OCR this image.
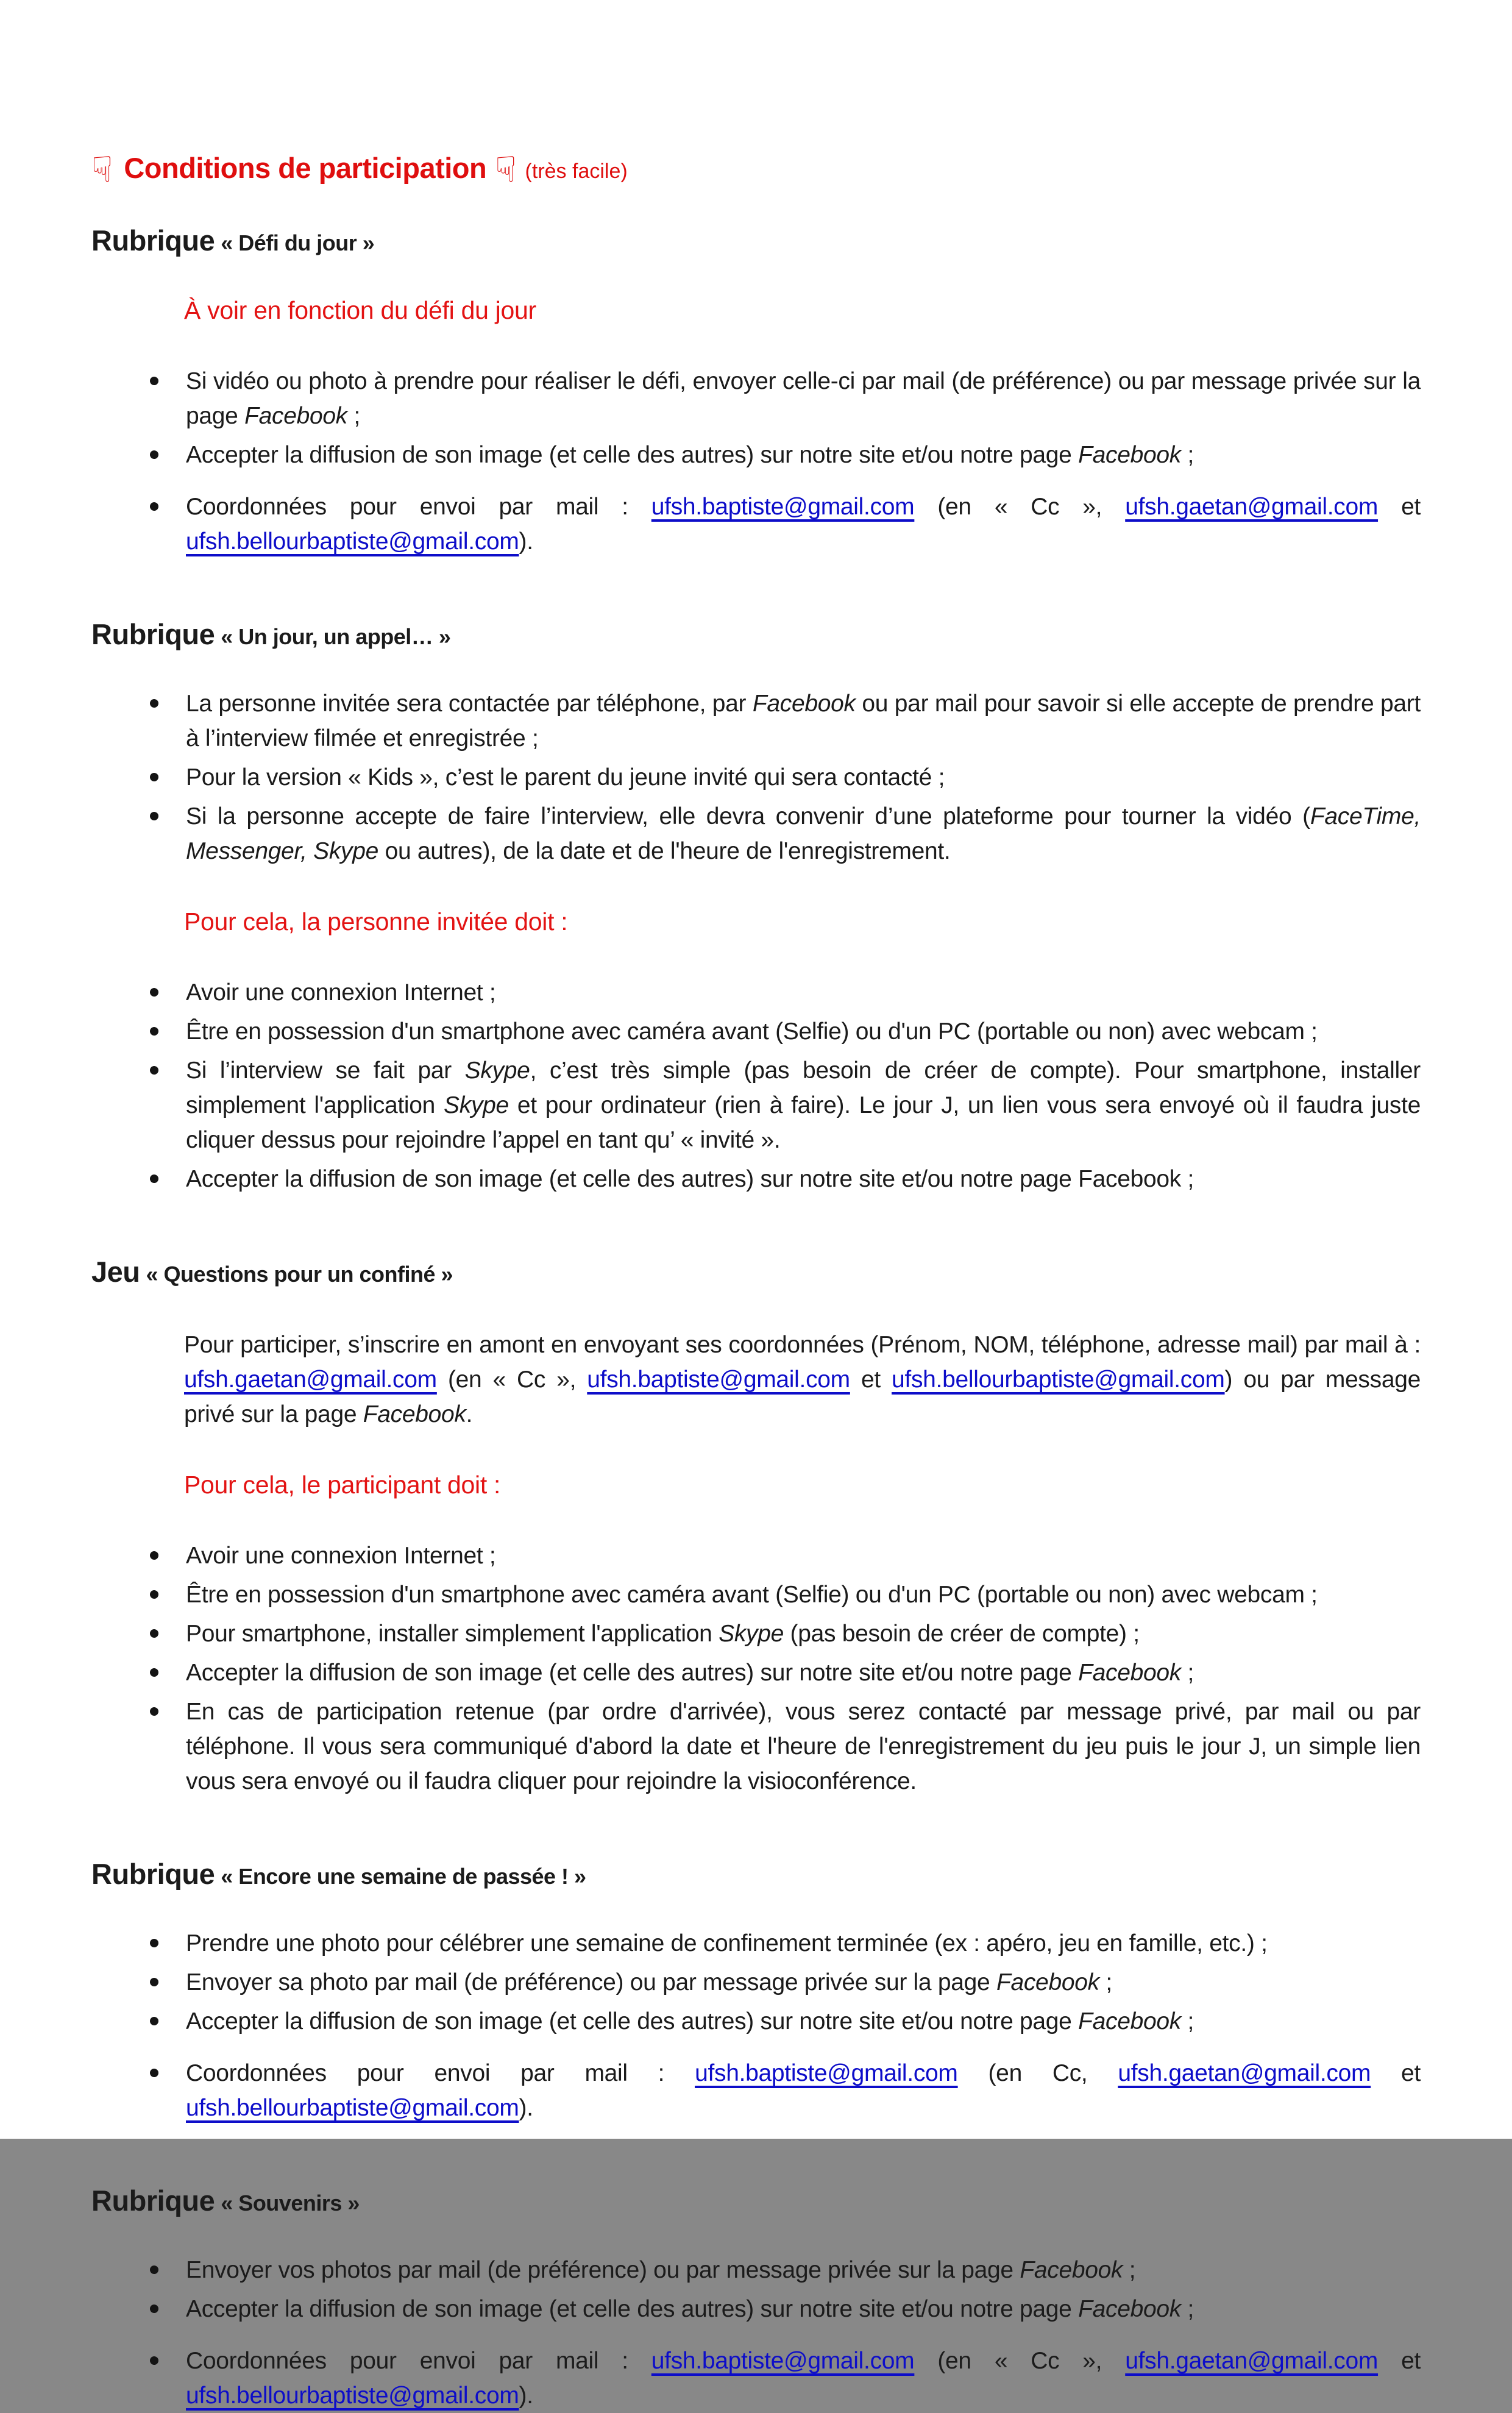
☟ Conditions de participation ☟ (très facile)
Rubrique « Défi du jour »
À voir en fonction du défi du jour
Si vidéo ou photo à prendre pour réaliser le défi, envoyer celle-ci par mail (de préférence) ou par message privée sur la page Facebook ;
Accepter la diffusion de son image (et celle des autres) sur notre site et/ou notre page Facebook ;
Coordonnées pour envoi par mail : ufsh.baptiste@gmail.com (en « Cc », ufsh.gaetan@gmail.com et ufsh.bellourbaptiste@gmail.com).
Rubrique « Un jour, un appel… »
La personne invitée sera contactée par téléphone, par Facebook ou par mail pour savoir si elle accepte de prendre part à l’interview filmée et enregistrée ;
Pour la version « Kids », c’est le parent du jeune invité qui sera contacté ;
Si la personne accepte de faire l’interview, elle devra convenir d’une plateforme pour tourner la vidéo (FaceTime, Messenger, Skype ou autres), de la date et de l'heure de l'enregistrement.
Pour cela, la personne invitée doit :
Avoir une connexion Internet ;
Être en possession d'un smartphone avec caméra avant (Selfie) ou d'un PC (portable ou non) avec webcam ;
Si l’interview se fait par Skype, c’est très simple (pas besoin de créer de compte). Pour smartphone, installer simplement l'application Skype et pour ordinateur (rien à faire). Le jour J, un lien vous sera envoyé où il faudra juste cliquer dessus pour rejoindre l’appel en tant qu’ « invité ».
Accepter la diffusion de son image (et celle des autres) sur notre site et/ou notre page Facebook ;
Jeu « Questions pour un confiné »
Pour participer, s’inscrire en amont en envoyant ses coordonnées (Prénom, NOM, téléphone, adresse mail) par mail à : ufsh.gaetan@gmail.com (en « Cc », ufsh.baptiste@gmail.com et ufsh.bellourbaptiste@gmail.com) ou par message privé sur la page Facebook.
Pour cela, le participant doit :
Avoir une connexion Internet ;
Être en possession d'un smartphone avec caméra avant (Selfie) ou d'un PC (portable ou non) avec webcam ;
Pour smartphone, installer simplement l'application Skype (pas besoin de créer de compte) ;
Accepter la diffusion de son image (et celle des autres) sur notre site et/ou notre page Facebook ;
En cas de participation retenue (par ordre d'arrivée), vous serez contacté par message privé, par mail ou par téléphone. Il vous sera communiqué d'abord la date et l'heure de l'enregistrement du jeu puis le jour J, un simple lien vous sera envoyé ou il faudra cliquer pour rejoindre la visioconférence.
Rubrique « Encore une semaine de passée ! »
Prendre une photo pour célébrer une semaine de confinement terminée (ex : apéro, jeu en famille, etc.) ;
Envoyer sa photo par mail (de préférence) ou par message privée sur la page Facebook ;
Accepter la diffusion de son image (et celle des autres) sur notre site et/ou notre page Facebook ;
Coordonnées pour envoi par mail : ufsh.baptiste@gmail.com (en Cc, ufsh.gaetan@gmail.com et ufsh.bellourbaptiste@gmail.com).
Rubrique « Souvenirs »
Envoyer vos photos par mail (de préférence) ou par message privée sur la page Facebook ;
Accepter la diffusion de son image (et celle des autres) sur notre site et/ou notre page Facebook ;
Coordonnées pour envoi par mail : ufsh.baptiste@gmail.com (en « Cc », ufsh.gaetan@gmail.com et ufsh.bellourbaptiste@gmail.com).
